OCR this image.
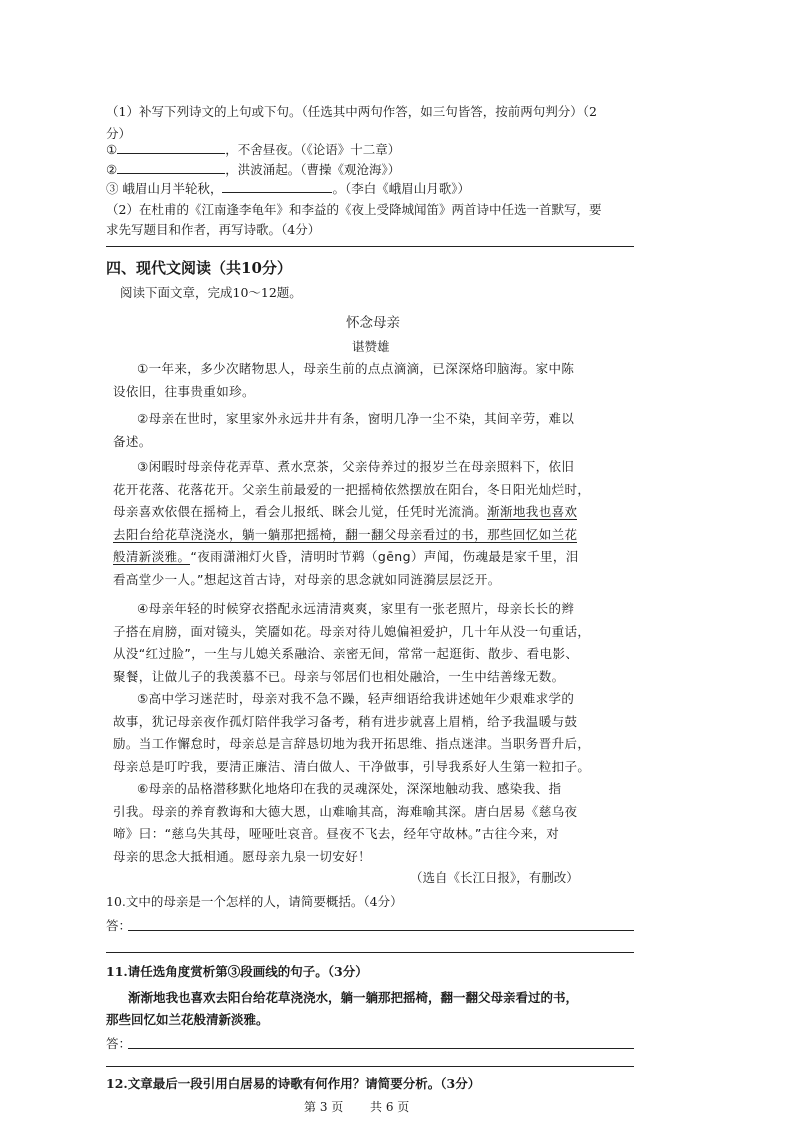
（1）补写下列诗文的上句或下句。（任选其中两句作答，如三句皆答，按前两句判分）（2
分）
①	，不舍昼夜。（《论语》十二章）
②	，洪波涌起。（曹操《观沧海》）
③ 峨眉山月半轮秋，	。（李白《峨眉山月歌》）
（2）在杜甫的《江南逢李龟年》和李益的《夜上受降城闻笛》两首诗中任选一首默写，要
求先写题目和作者，再写诗歌。（4分）
四、现代文阅读（共10分）
阅读下面文章，完成10～12题。
怀念母亲
谌赞雄
①一年来，多少次睹物思人，母亲生前的点点滴滴，已深深烙印脑海。家中陈
设依旧，往事贵重如珍。
②母亲在世时，家里家外永远井井有条，窗明几净一尘不染，其间辛劳，难以
备述。
③闲暇时母亲侍花弄草、煮水烹茶，父亲侍养过的报岁兰在母亲照料下，依旧
花开花落、花落花开。父亲生前最爱的一把摇椅依然摆放在阳台，冬日阳光灿烂时，
母亲喜欢依偎在摇椅上，看会儿报纸、眯会儿觉，任凭时光流淌。渐渐地我也喜欢
去阳台给花草浇浇水，躺一躺那把摇椅，翻一翻父母亲看过的书，那些回忆如兰花
般清新淡雅。“夜雨潇湘灯火昏，清明时节鹈（gēng）声闻，伤魂最是家千里，泪
看高堂少一人。”想起这首古诗，对母亲的思念就如同涟漪层层泛开。
④母亲年轻的时候穿衣搭配永远清清爽爽，家里有一张老照片，母亲长长的辫
子搭在肩膀，面对镜头，笑靥如花。母亲对待儿媳偏袒爱护，几十年从没一句重话，
从没“红过脸”，一生与儿媳关系融洽、亲密无间，常常一起逛街、散步、看电影、
聚餐，让做儿子的我羡慕不已。母亲与邻居们也相处融洽，一生中结善缘无数。
⑤高中学习迷茫时，母亲对我不急不躁，轻声细语给我讲述她年少艰难求学的
故事，犹记母亲夜作孤灯陪伴我学习备考，稍有进步就喜上眉梢，给予我温暖与鼓
励。当工作懈怠时，母亲总是言辞恳切地为我开拓思维、指点迷津。当职务晋升后，
母亲总是叮咛我，要清正廉洁、清白做人、干净做事，引导我系好人生第一粒扣子。
⑥母亲的品格潜移默化地烙印在我的灵魂深处，深深地触动我、感染我、指
引我。母亲的养育教诲和大德大恩，山难喻其高，海难喻其深。唐白居易《慈乌夜
啼》曰：“慈乌失其母，哑哑吐哀音。昼夜不飞去，经年守故林。”古往今来，对
母亲的思念大抵相通。愿母亲九泉一切安好！
（选自《长江日报》，有删改）
10.文中的母亲是一个怎样的人，请简要概括。（4分）
答：
11.请任选角度赏析第③段画线的句子。（3分）
渐渐地我也喜欢去阳台给花草浇浇水，躺一躺那把摇椅，翻一翻父母亲看过的书，
那些回忆如兰花般清新淡雅。
答：
12.文章最后一段引用白居易的诗歌有何作用？请简要分析。（3分）
第 3 页 共 6 页
